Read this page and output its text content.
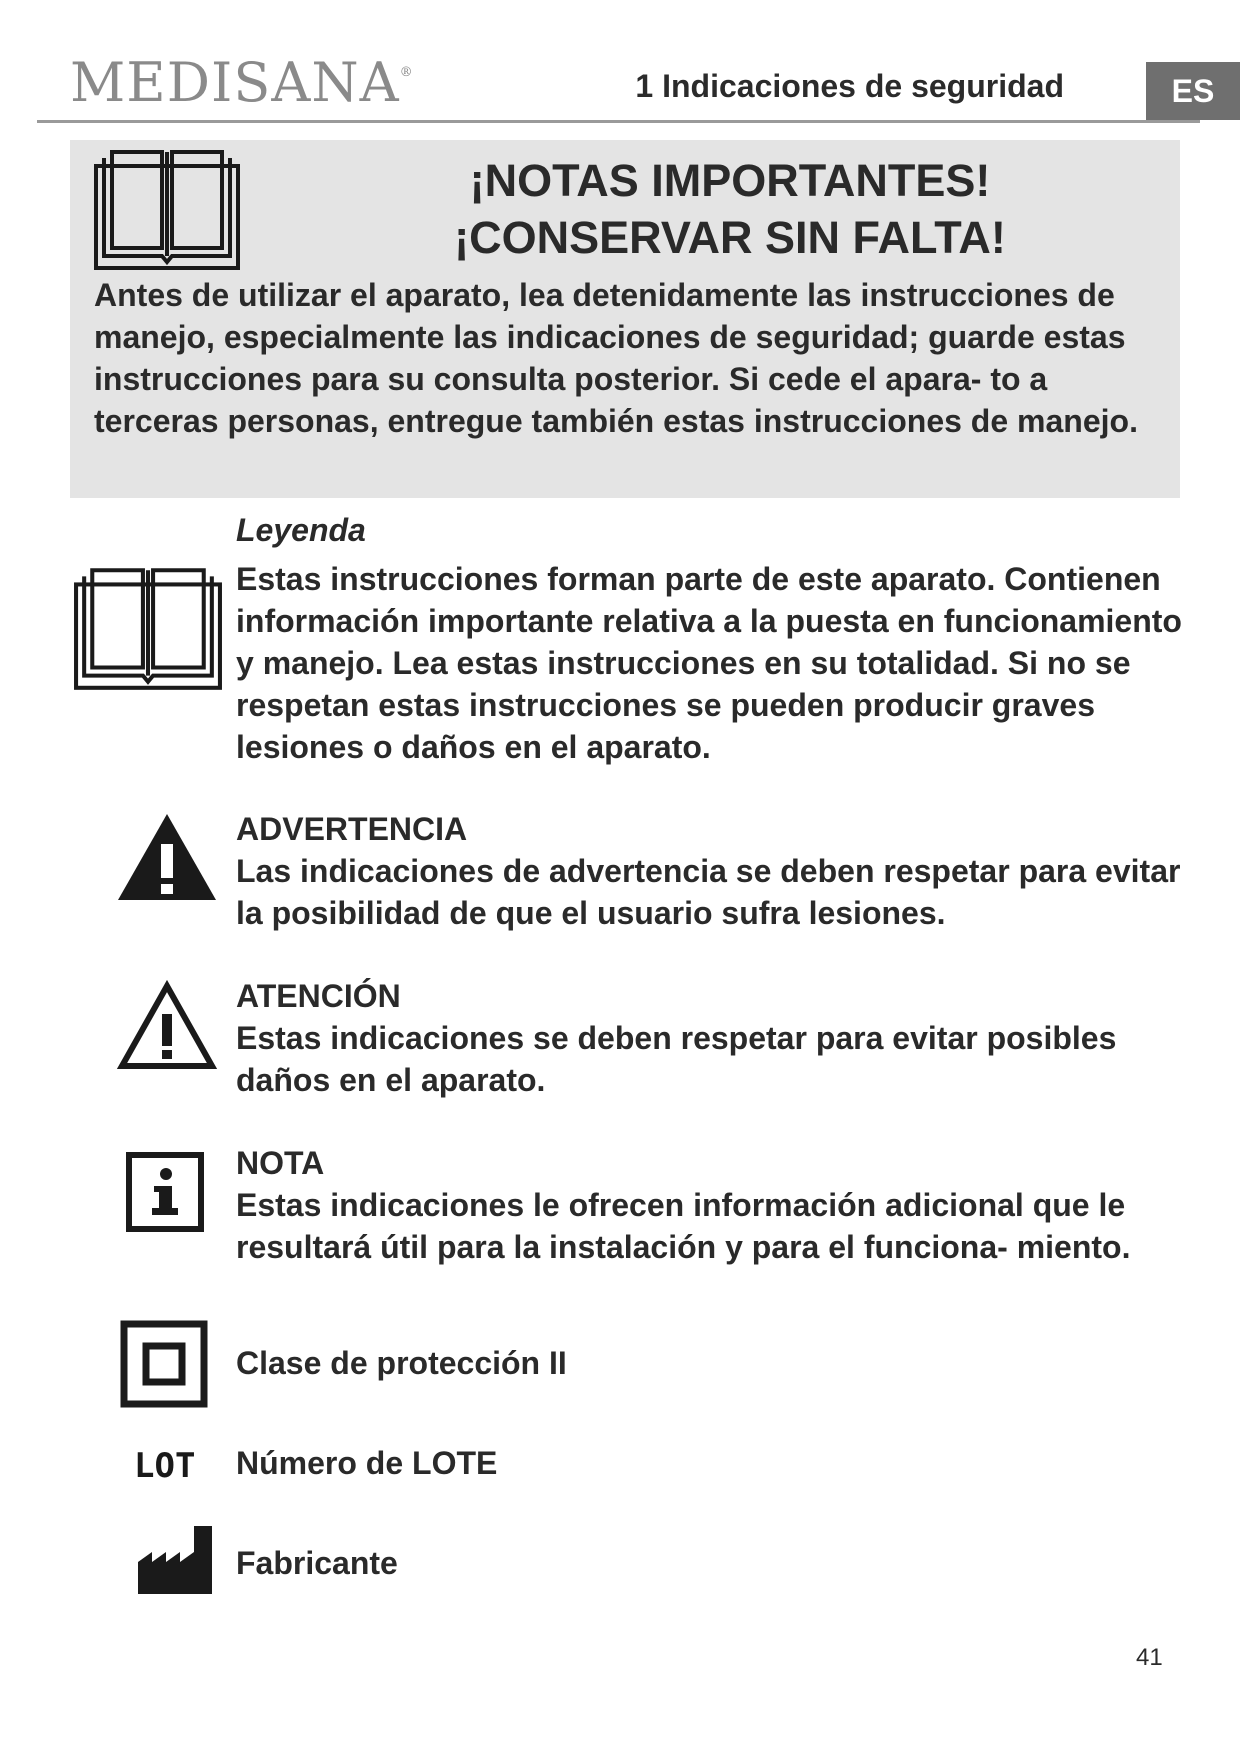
MEDISANA®	1 Indicaciones de seguridad	ES
¡NOTAS IMPORTANTES!
¡CONSERVAR SIN FALTA!
Antes de utilizar el aparato, lea detenidamente las instrucciones de manejo, especialmente las indicaciones de seguridad; guarde estas instrucciones para su consulta posterior. Si cede el apara- to a terceras personas, entregue también estas instrucciones de manejo.
Leyenda
Estas instrucciones forman parte de este aparato. Contienen información importante relativa a la puesta en funcionamiento y manejo. Lea estas instrucciones en su totalidad. Si no se respetan estas instrucciones se pueden producir graves lesiones o daños en el aparato.
ADVERTENCIA
Las indicaciones de advertencia se deben respetar para evitar la posibilidad de que el usuario sufra lesiones.
ATENCIÓN
Estas indicaciones se deben respetar para evitar posibles daños en el aparato.
NOTA
Estas indicaciones le ofrecen información adicional que le resultará útil para la instalación y para el funciona- miento.
Clase de protección II
LOT Número de LOTE
Fabricante
41
